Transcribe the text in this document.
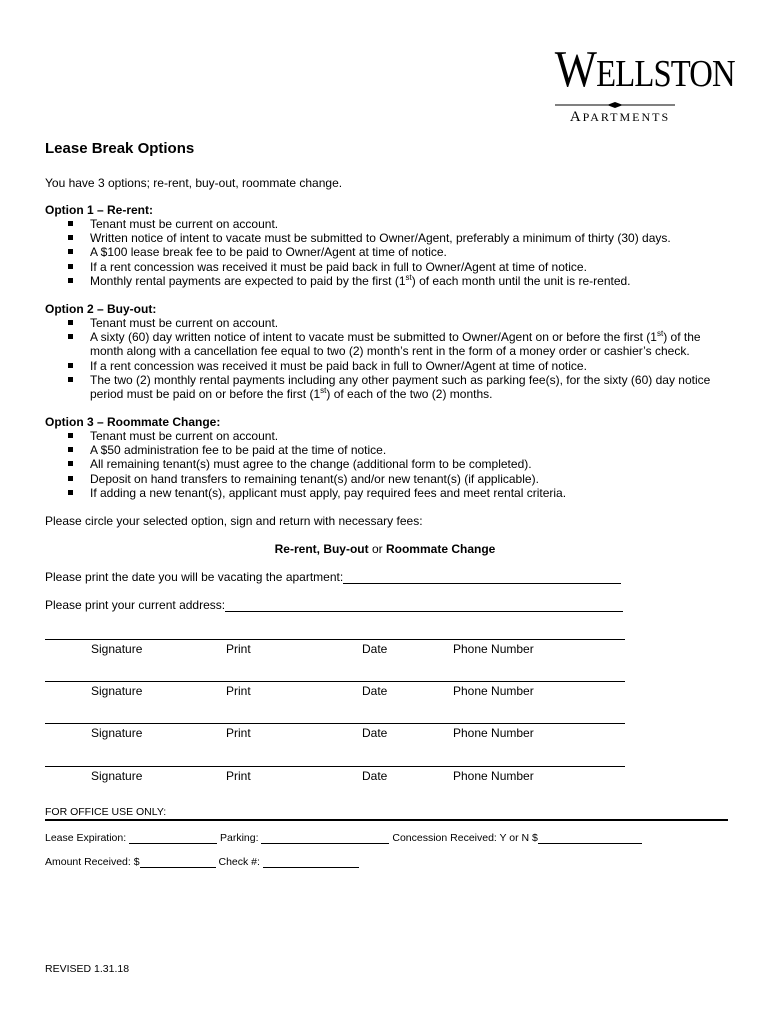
WELLSTON
APARTMENTS
Lease Break Options
You have 3 options; re-rent, buy-out, roommate change.
Option 1 – Re-rent:
Tenant must be current on account.
Written notice of intent to vacate must be submitted to Owner/Agent, preferably a minimum of thirty (30) days.
A $100 lease break fee to be paid to Owner/Agent at time of notice.
If a rent concession was received it must be paid back in full to Owner/Agent at time of notice.
Monthly rental payments are expected to paid by the first (1st) of each month until the unit is re-rented.
Option 2 – Buy-out:
Tenant must be current on account.
A sixty (60) day written notice of intent to vacate must be submitted to Owner/Agent on or before the first (1st) of the month along with a cancellation fee equal to two (2) month’s rent in the form of a money order or cashier’s check.
If a rent concession was received it must be paid back in full to Owner/Agent at time of notice.
The two (2) monthly rental payments including any other payment such as parking fee(s), for the sixty (60) day notice period must be paid on or before the first (1st) of each of the two (2) months.
Option 3 – Roommate Change:
Tenant must be current on account.
A $50 administration fee to be paid at the time of notice.
All remaining tenant(s) must agree to the change (additional form to be completed).
Deposit on hand transfers to remaining tenant(s) and/or new tenant(s) (if applicable).
If adding a new tenant(s), applicant must apply, pay required fees and meet rental criteria.
Please circle your selected option, sign and return with necessary fees:
Re-rent, Buy-out or Roommate Change
Please print the date you will be vacating the apartment:
Please print your current address:
Signature	Print	Date	Phone Number
Signature	Print	Date	Phone Number
Signature	Print	Date	Phone Number
Signature	Print	Date	Phone Number
FOR OFFICE USE ONLY:
Lease Expiration:	Parking:	Concession Received: Y or N $
Amount Received: $	Check #:
REVISED 1.31.18
